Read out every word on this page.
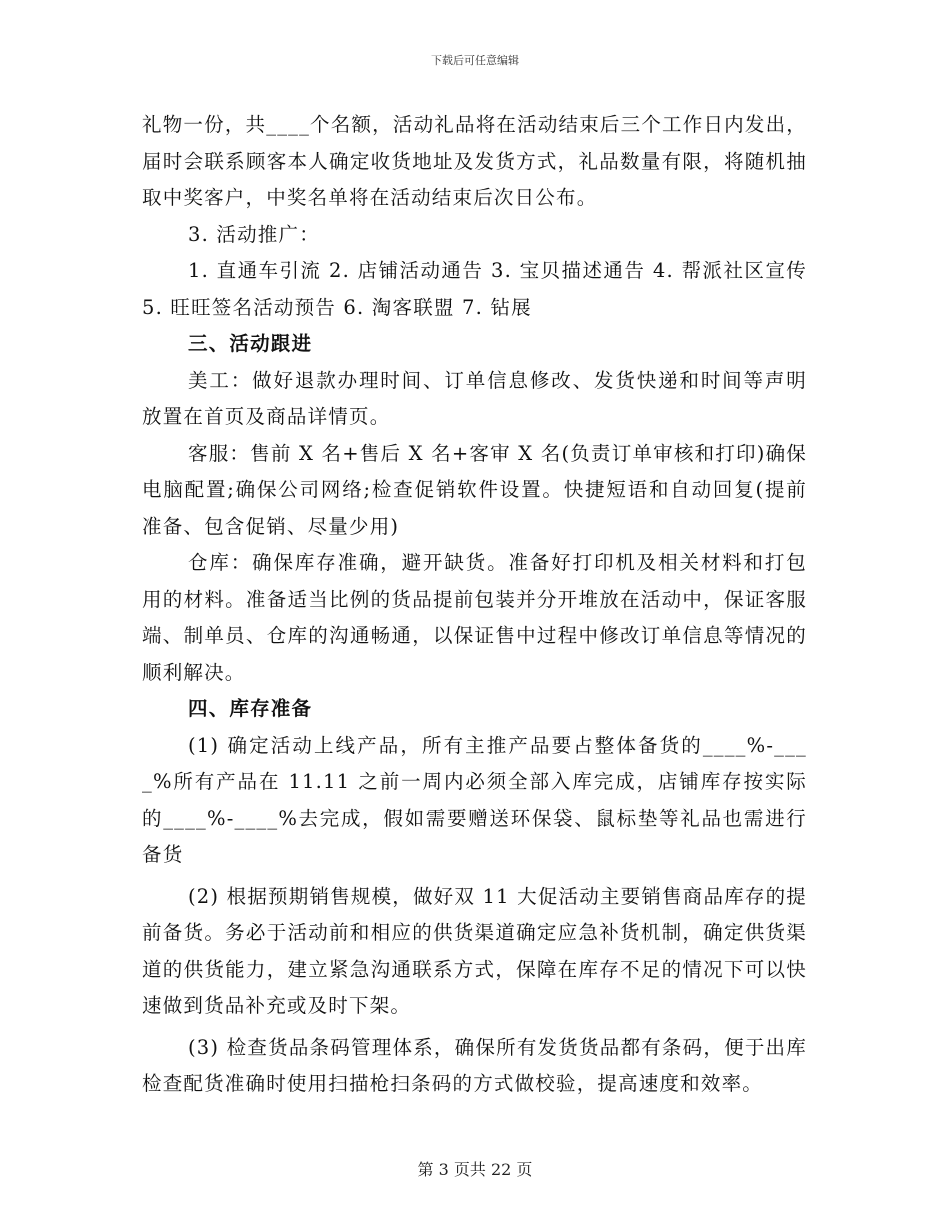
下载后可任意编辑

礼物一份，共____个名额，活动礼品将在活动结束后三个工作日内发出，届时会联系顾客本人确定收货地址及发货方式，礼品数量有限，将随机抽取中奖客户，中奖名单将在活动结束后次日公布。

3. 活动推广：

1. 直通车引流 2. 店铺活动通告 3. 宝贝描述通告 4. 帮派社区宣传 5. 旺旺签名活动预告 6. 淘客联盟 7. 钻展

三、活动跟进

美工：做好退款办理时间、订单信息修改、发货快递和时间等声明放置在首页及商品详情页。

客服：售前 X 名+售后 X 名+客审 X 名(负责订单审核和打印)确保电脑配置;确保公司网络;检查促销软件设置。快捷短语和自动回复(提前准备、包含促销、尽量少用)

仓库：确保库存准确，避开缺货。准备好打印机及相关材料和打包用的材料。准备适当比例的货品提前包装并分开堆放在活动中，保证客服端、制单员、仓库的沟通畅通，以保证售中过程中修改订单信息等情况的顺利解决。

四、库存准备

(1) 确定活动上线产品，所有主推产品要占整体备货的____%-____%所有产品在 11.11 之前一周内必须全部入库完成，店铺库存按实际的____%-____%去完成，假如需要赠送环保袋、鼠标垫等礼品也需进行备货

(2) 根据预期销售规模，做好双 11 大促活动主要销售商品库存的提前备货。务必于活动前和相应的供货渠道确定应急补货机制，确定供货渠道的供货能力，建立紧急沟通联系方式，保障在库存不足的情况下可以快速做到货品补充或及时下架。

(3) 检查货品条码管理体系，确保所有发货货品都有条码，便于出库检查配货准确时使用扫描枪扫条码的方式做校验，提高速度和效率。

第 3 页共 22 页
